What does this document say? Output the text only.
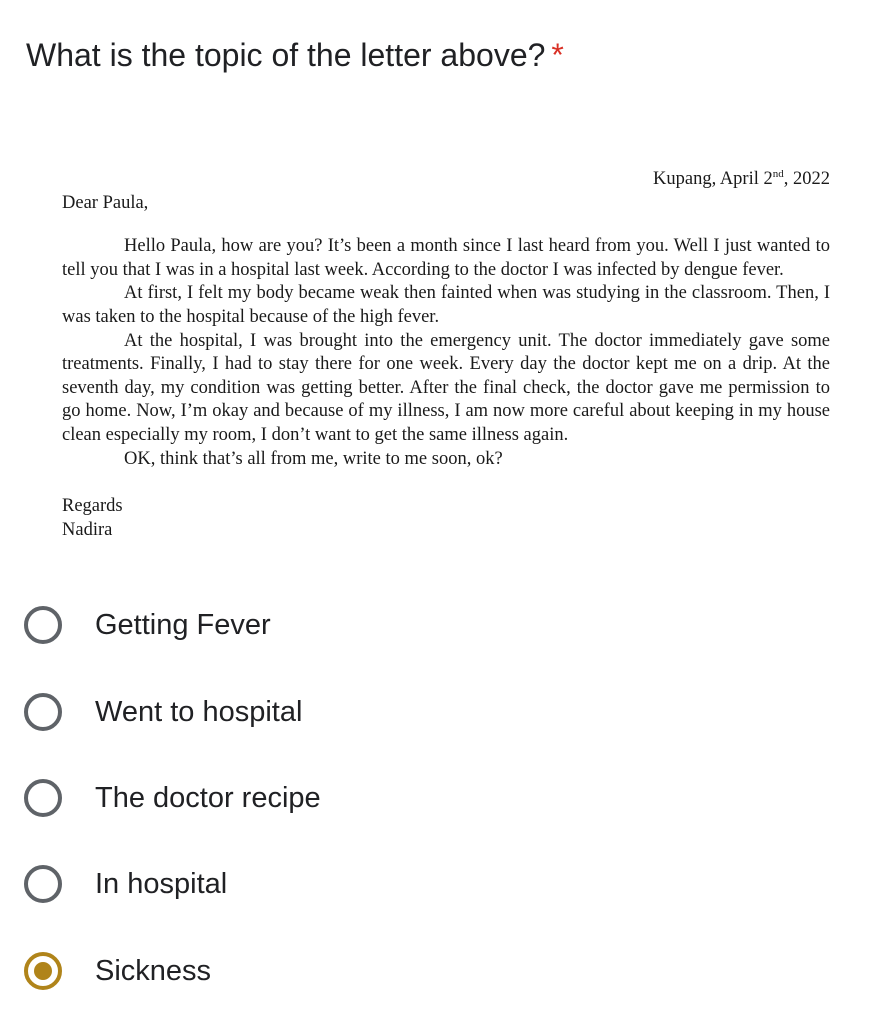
What is the topic of the letter above? *

Kupang, April 2nd, 2022

Dear Paula,

Hello Paula, how are you? It’s been a month since I last heard from you. Well I just wanted to tell you that I was in a hospital last week. According to the doctor I was infected by dengue fever.

At first, I felt my body became weak then fainted when was studying in the classroom. Then, I was taken to the hospital because of the high fever.

At the hospital, I was brought into the emergency unit. The doctor immediately gave some treatments. Finally, I had to stay there for one week. Every day the doctor kept me on a drip. At the seventh day, my condition was getting better. After the final check, the doctor gave me permission to go home. Now, I’m okay and because of my illness, I am now more careful about keeping in my house clean especially my room, I don’t want to get the same illness again.

OK, think that’s all from me, write to me soon, ok?

Regards
Nadira
Getting Fever
Went to hospital
The doctor recipe
In hospital
Sickness
